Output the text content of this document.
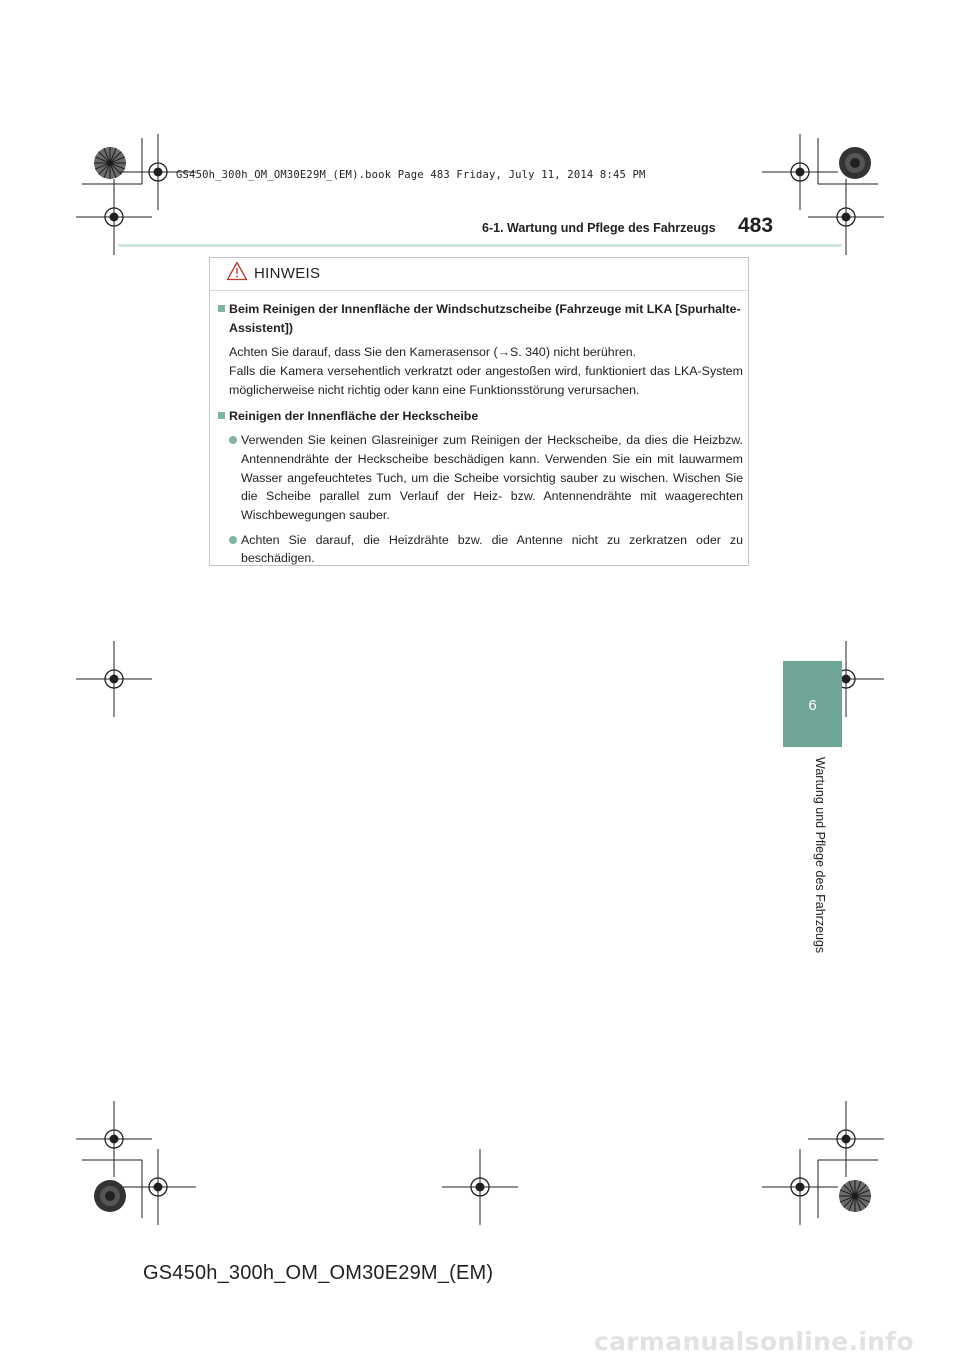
GS450h_300h_OM_OM30E29M_(EM).book Page 483 Friday, July 11, 2014 8:45 PM
6-1. Wartung und Pflege des Fahrzeugs 483
6
Wartung und Pflege des Fahrzeugs
HINWEIS
Beim Reinigen der Innenfläche der Windschutzscheibe (Fahrzeuge mit LKA [Spurhalte-Assistent])
Achten Sie darauf, dass Sie den Kamerasensor (→S. 340) nicht berühren.
Falls die Kamera versehentlich verkratzt oder angestoßen wird, funktioniert das LKA-System möglicherweise nicht richtig oder kann eine Funktionsstörung verursachen.
Reinigen der Innenfläche der Heckscheibe
Verwenden Sie keinen Glasreiniger zum Reinigen der Heckscheibe, da dies die Heizbzw. Antennendrähte der Heckscheibe beschädigen kann. Verwenden Sie ein mit lauwarmem Wasser angefeuchtetes Tuch, um die Scheibe vorsichtig sauber zu wischen. Wischen Sie die Scheibe parallel zum Verlauf der Heiz- bzw. Antennendrähte mit waagerechten Wischbewegungen sauber.
Achten Sie darauf, die Heizdrähte bzw. die Antenne nicht zu zerkratzen oder zu beschädigen.
GS450h_300h_OM_OM30E29M_(EM)
carmanualsonline.info
